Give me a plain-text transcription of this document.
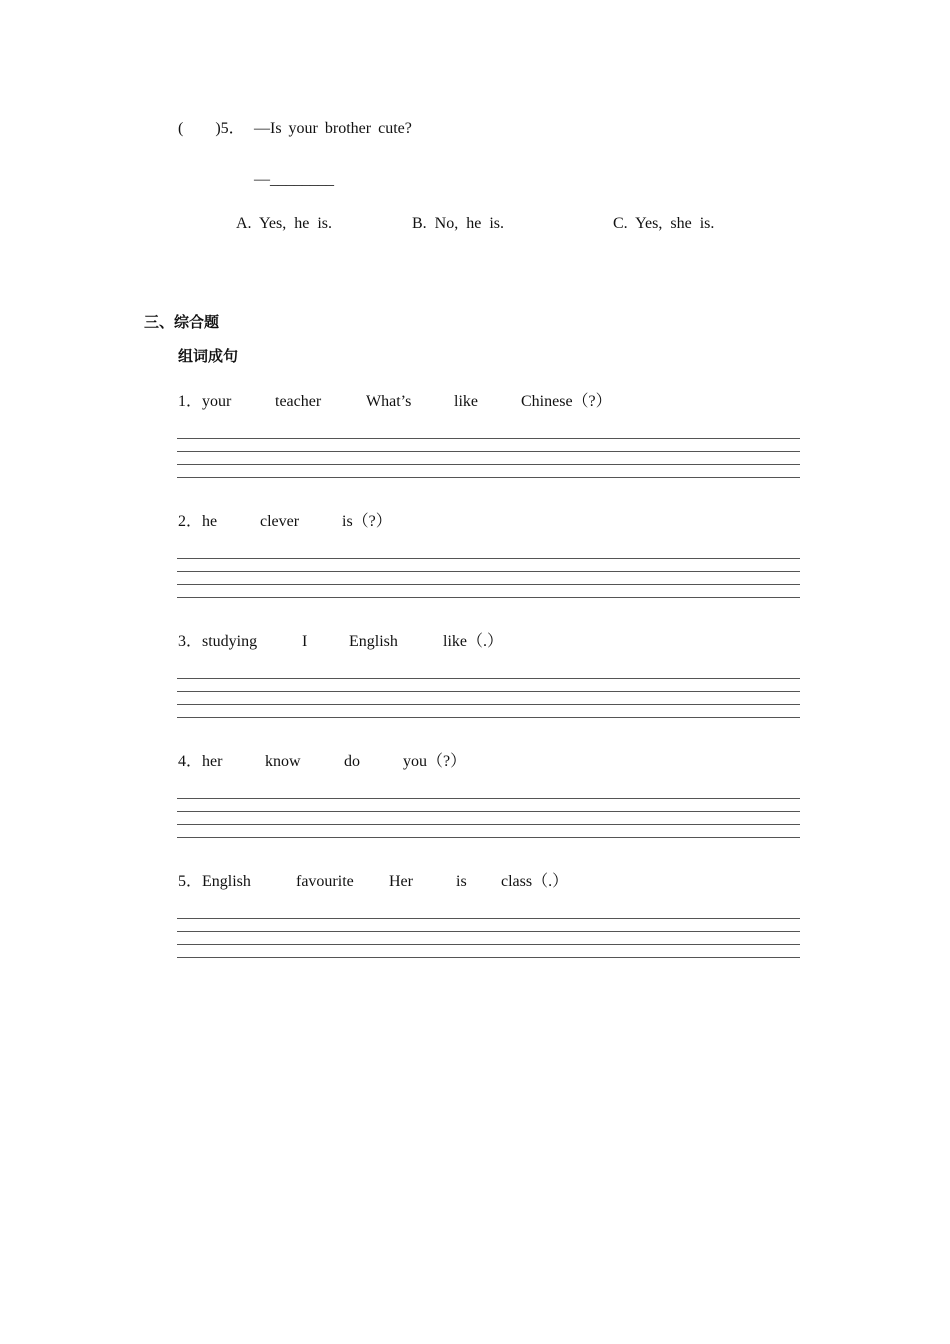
(　　)5． —Is your brother cute?
—________
A. Yes, he is.	B. No, he is.	C. Yes, she is.
三、综合题
组词成句
1． your	teacher	What’s	like	Chinese（?）
2． he	clever	is（?）
3． studying	I	English	like（.）
4． her	know	do	you（?）
5． English	favourite Her	is class（.）
